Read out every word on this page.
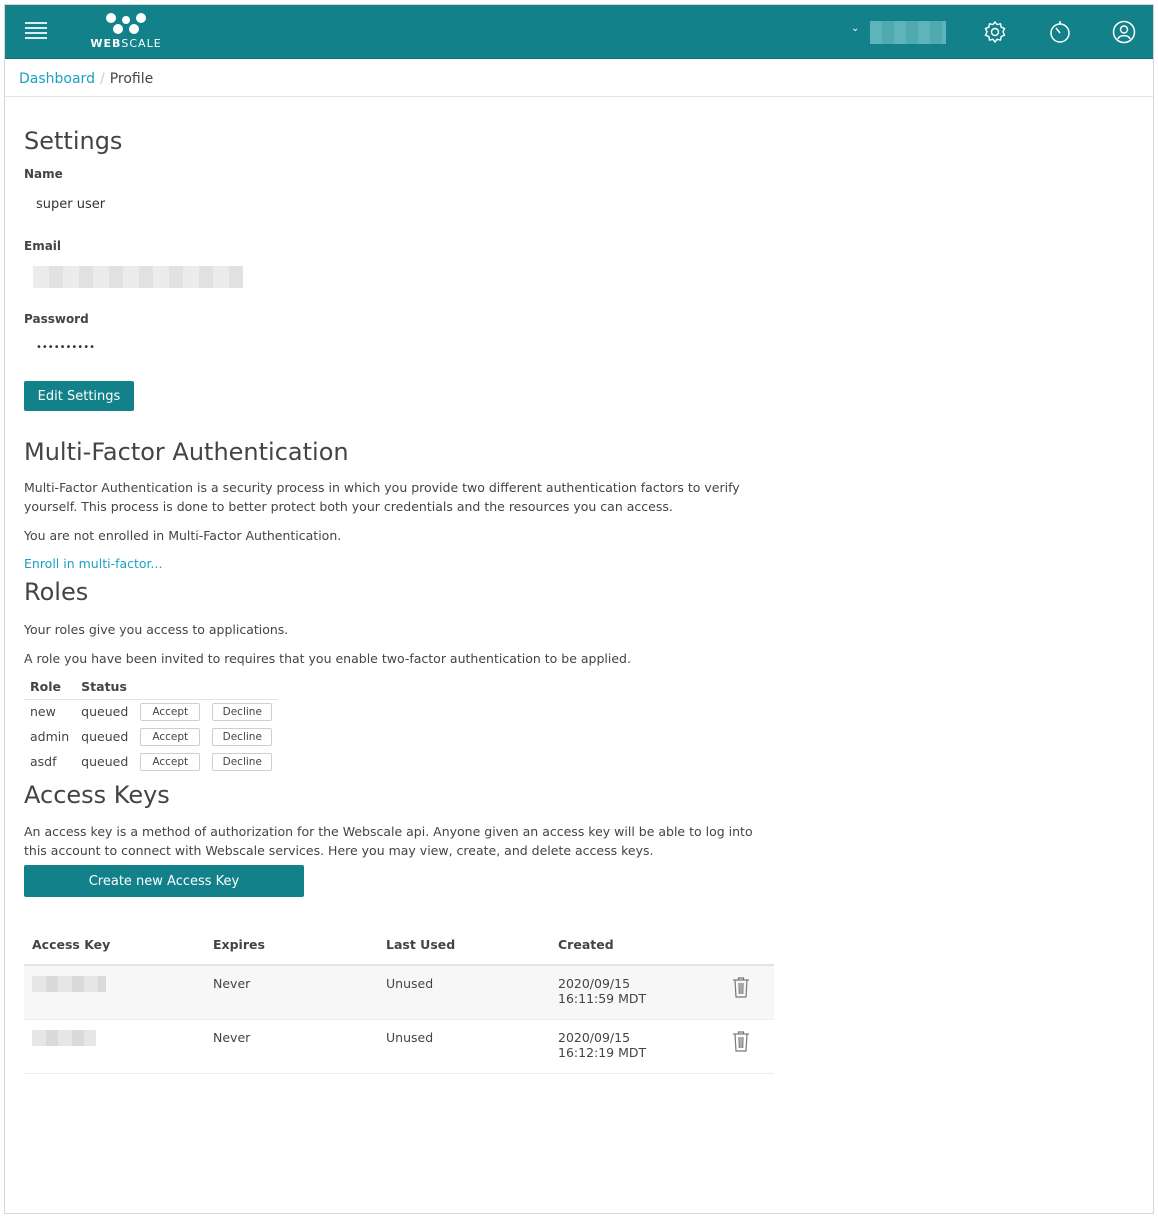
WEBSCALE
⌄
Dashboard / Profile
Settings
Name
super user
Email
Password
••••••••••
Edit Settings
Multi-Factor Authentication

Multi-Factor Authentication is a security process in which you provide two different authentication factors to verify yourself. This process is done to better protect both your credentials and the resources you can access.

You are not enrolled in Multi-Factor Authentication.

Enroll in multi-factor...
Roles

Your roles give you access to applications.

A role you have been invited to requires that you enable two-factor authentication to be applied.

Role	Status		
new	queued	Accept	Decline
admin	queued	Accept	Decline
asdf	queued	Accept	Decline
Access Keys

An access key is a method of authorization for the Webscale api. Anyone given an access key will be able to log into this account to connect with Webscale services. Here you may view, create, and delete access keys.

Create new Access Key
Access Key	Expires	Last Used	Created	
	Never	Unused	2020/09/15
16:11:59 MDT

	Never	Unused	2020/09/15
16:12:19 MDT
